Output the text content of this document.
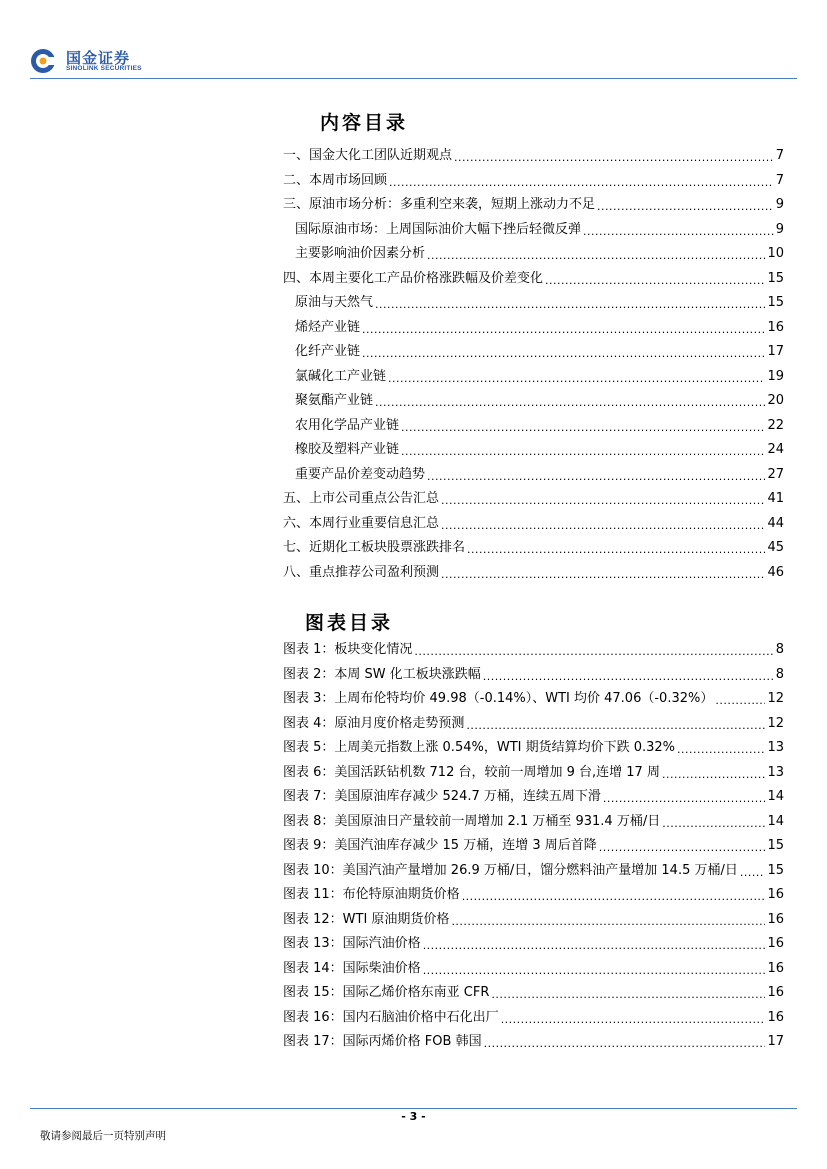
国金证券
SINOLINK SECURITIES
内容目录
一、国金大化工团队近期观点 .....	7
二、本周市场回顾 .....	7
三、原油市场分析：多重利空来袭，短期上涨动力不足 .....	9
国际原油市场：上周国际油价大幅下挫后轻微反弹 .....	9
主要影响油价因素分析 .....	10
四、本周主要化工产品价格涨跌幅及价差变化 .....	15
原油与天然气 .....	15
烯烃产业链 .....	16
化纤产业链 .....	17
氯碱化工产业链 .....	19
聚氨酯产业链 .....	20
农用化学品产业链 .....	22
橡胶及塑料产业链 .....	24
重要产品价差变动趋势 .....	27
五、上市公司重点公告汇总 .....	41
六、本周行业重要信息汇总 .....	44
七、近期化工板块股票涨跌排名 .....	45
八、重点推荐公司盈利预测 .....	46
图表目录
图表 1：板块变化情况 .....	8
图表 2：本周 SW 化工板块涨跌幅 .....	8
图表 3：上周布伦特均价 49.98（-0.14%）、WTI 均价 47.06（-0.32%） .....	12
图表 4：原油月度价格走势预测 .....	12
图表 5：上周美元指数上涨 0.54%，WTI 期货结算均价下跌 0.32% .....	13
图表 6：美国活跃钻机数 712 台，较前一周增加 9 台,连增 17 周 .....	13
图表 7：美国原油库存减少 524.7 万桶，连续五周下滑 .....	14
图表 8：美国原油日产量较前一周增加 2.1 万桶至 931.4 万桶/日 .....	14
图表 9：美国汽油库存减少 15 万桶，连增 3 周后首降 .....	15
图表 10：美国汽油产量增加 26.9 万桶/日，馏分燃料油产量增加 14.5 万桶/日 ..... 15
图表 11：布伦特原油期货价格 .....	16
图表 12：WTI 原油期货价格 .....	16
图表 13：国际汽油价格 .....	16
图表 14：国际柴油价格 .....	16
图表 15：国际乙烯价格东南亚 CFR .....	16
图表 16：国内石脑油价格中石化出厂 .....	16
图表 17：国际丙烯价格 FOB 韩国 .....	17
- 3 -
敬请参阅最后一页特别声明
